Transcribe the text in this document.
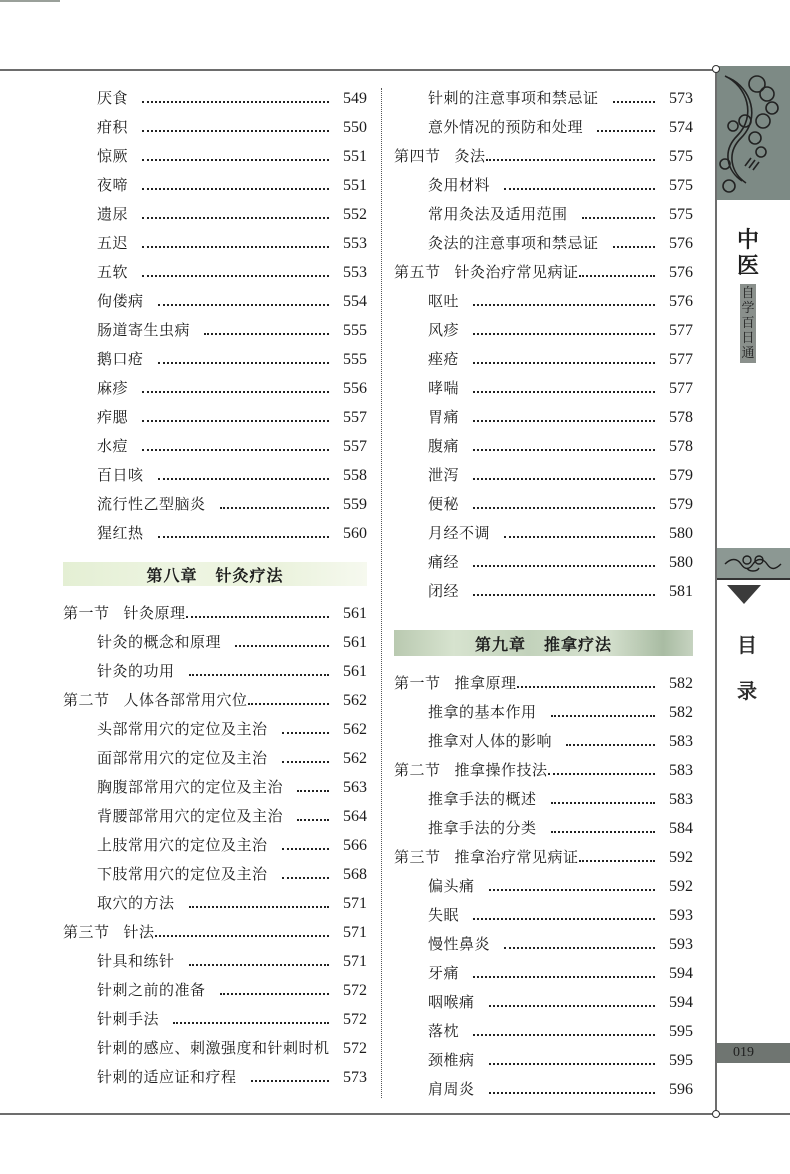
厌食	549
疳积	550
惊厥	551
夜啼	551
遗尿	552
五迟	553
五软	553
佝偻病	554
肠道寄生虫病	555
鹅口疮	555
麻疹	556
痄腮	557
水痘	557
百日咳	558
流行性乙型脑炎	559
猩红热	560
第八章 针灸疗法
第一节 针灸原理	561
针灸的概念和原理	561
针灸的功用	561
第二节 人体各部常用穴位	562
头部常用穴的定位及主治	562
面部常用穴的定位及主治	562
胸腹部常用穴的定位及主治	563
背腰部常用穴的定位及主治	564
上肢常用穴的定位及主治	566
下肢常用穴的定位及主治	568
取穴的方法	571
第三节 针法	571
针具和练针	571
针刺之前的准备	572
针刺手法	572
针刺的感应、刺激强度和针刺时机 572
针刺的适应证和疗程	573
针刺的注意事项和禁忌证	573
意外情况的预防和处理	574
第四节 灸法	575
灸用材料	575
常用灸法及适用范围	575
灸法的注意事项和禁忌证	576
第五节 针灸治疗常见病证	576
呕吐	576
风疹	577
痤疮	577
哮喘	577
胃痛	578
腹痛	578
泄泻	579
便秘	579
月经不调	580
痛经	580
闭经	581
第九章 推拿疗法
第一节 推拿原理	582
推拿的基本作用	582
推拿对人体的影响	583
第二节 推拿操作技法	583
推拿手法的概述	583
推拿手法的分类	584
第三节 推拿治疗常见病证	592
偏头痛	592
失眠	593
慢性鼻炎	593
牙痛	594
咽喉痛	594
落枕	595
颈椎病	595
肩周炎	596
中
医
自
学
百
日
通
目
录
019
